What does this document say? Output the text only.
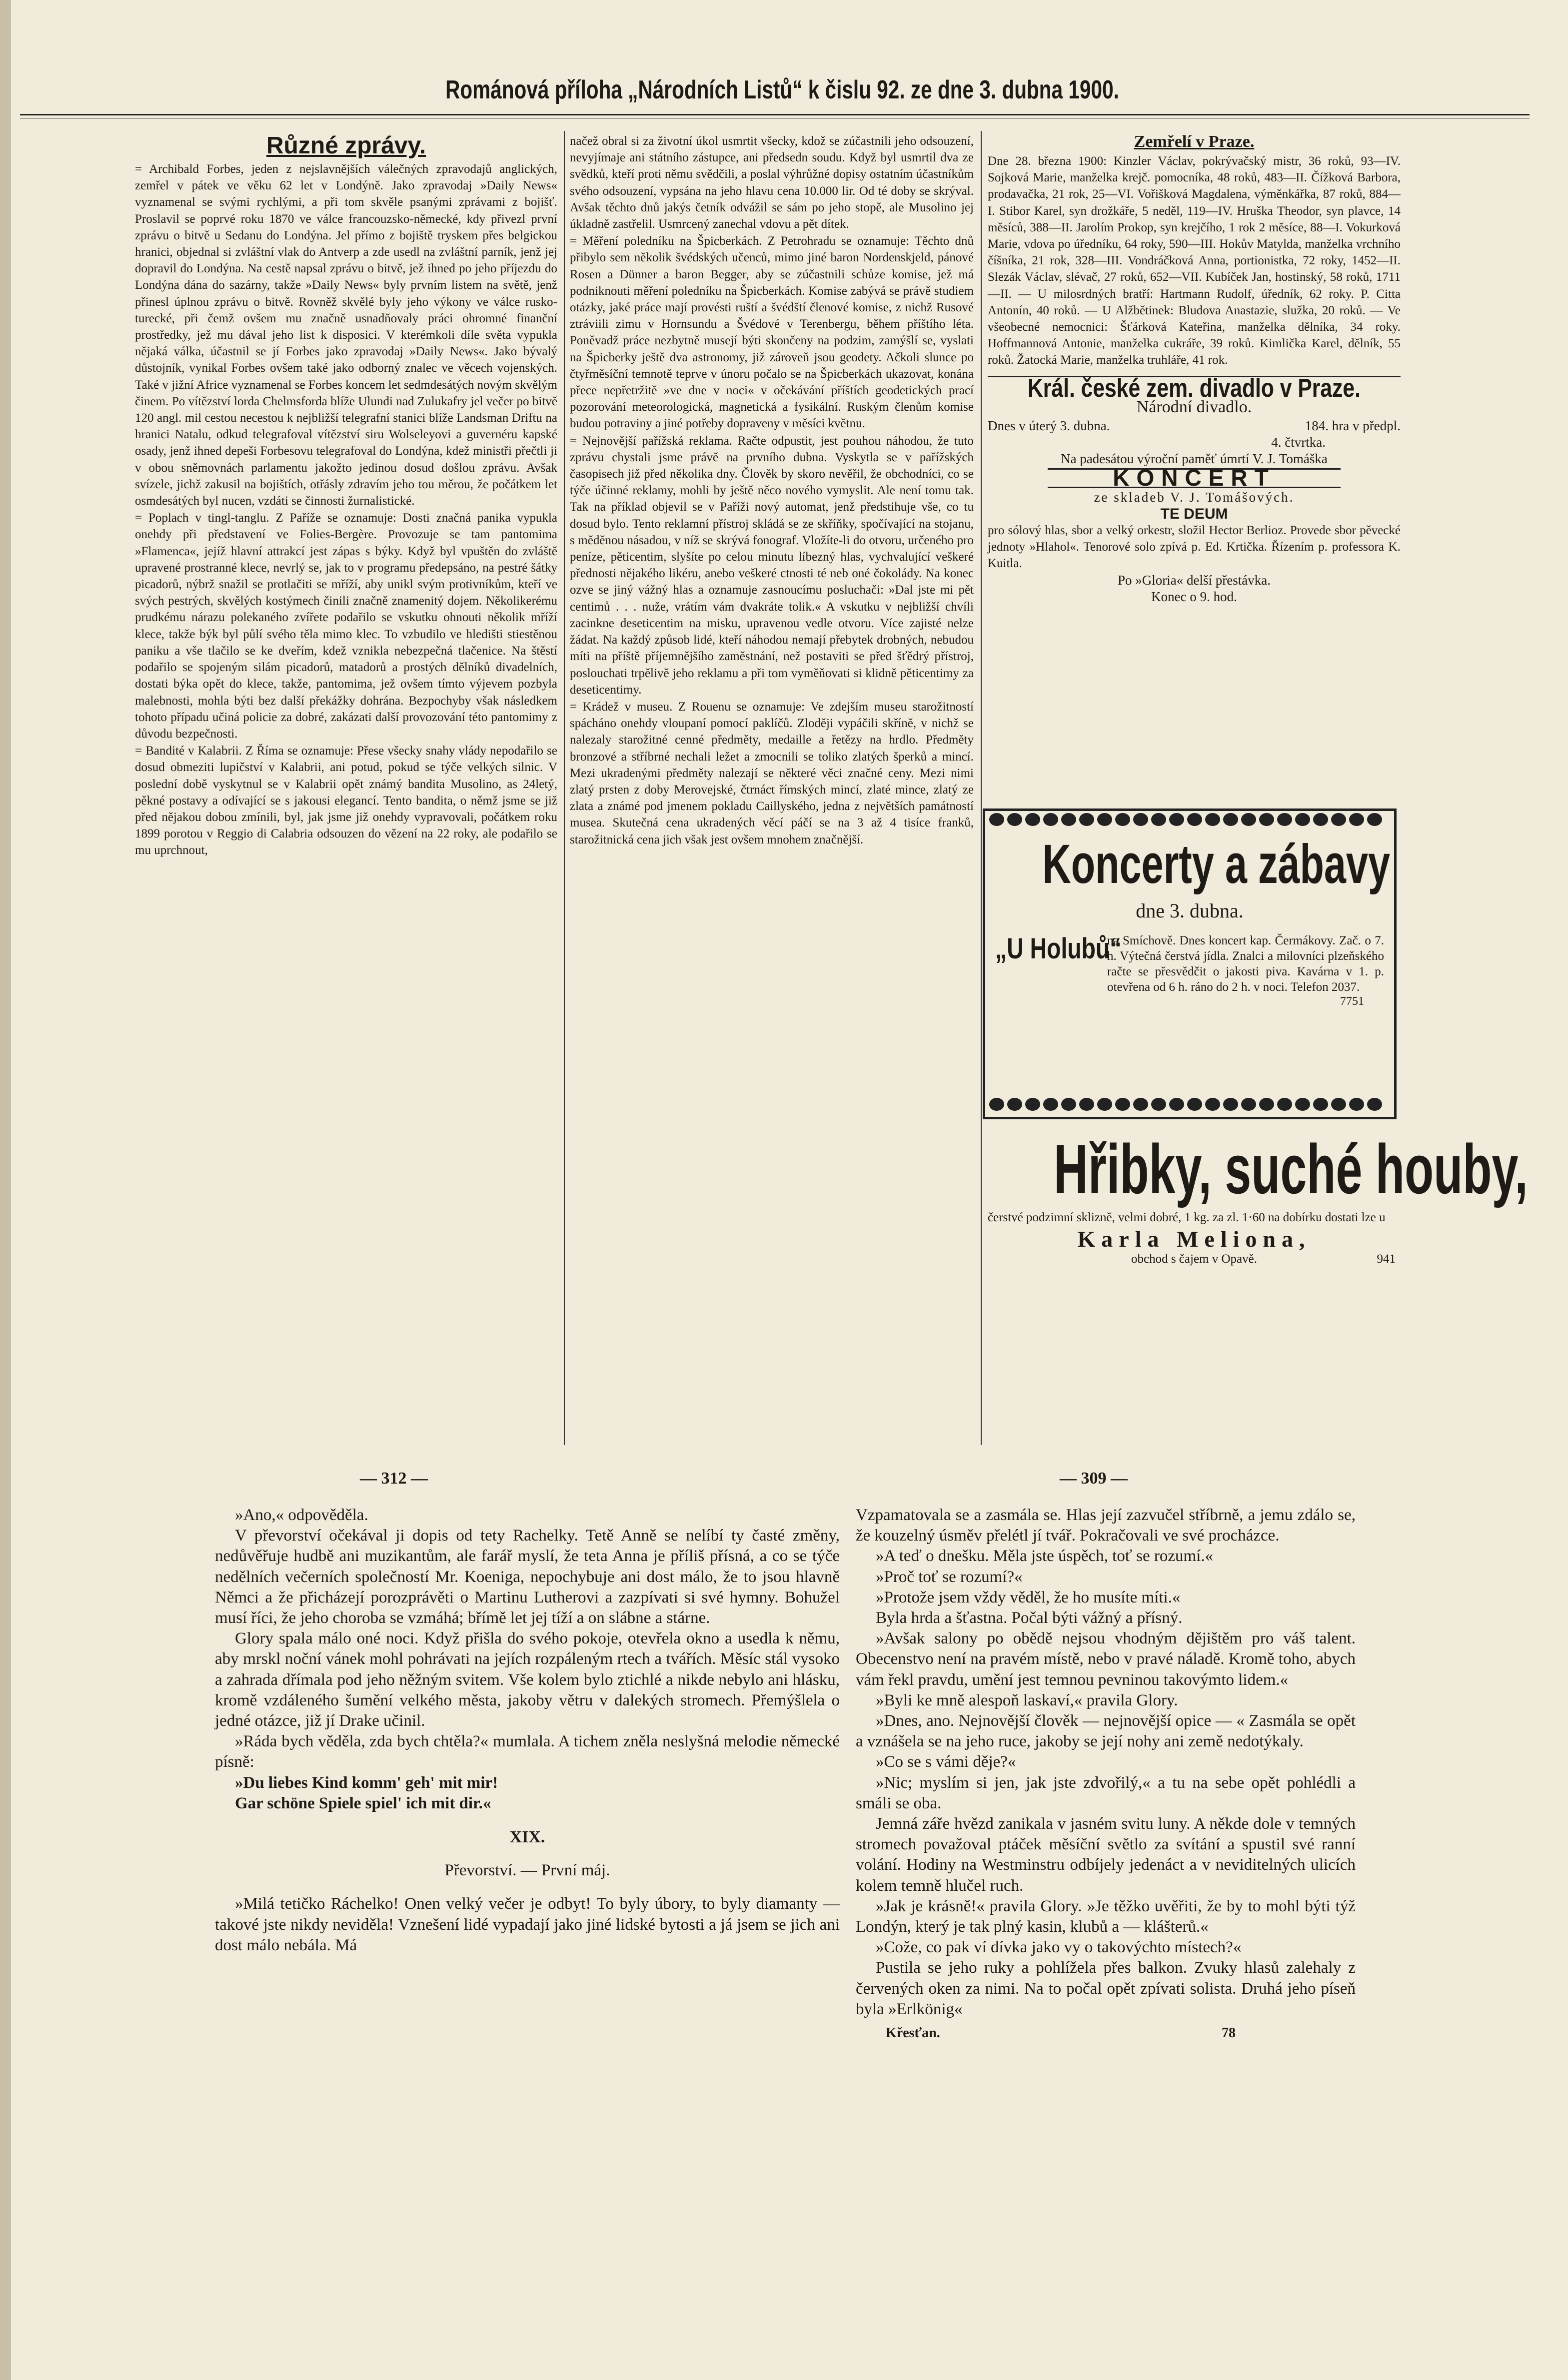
Románová příloha „Národních Listů“ k čislu 92. ze dne 3. dubna 1900.
Různé zprávy.

= Archibald Forbes, jeden z nejslavnějších válečných zpravodajů anglických, zemřel v pátek ve věku 62 let v Londýně. Jako zpravodaj »Daily News« vyznamenal se svými rychlými, a při tom skvěle psanými zprávami z bojišť. Proslavil se poprvé roku 1870 ve válce francouzsko-německé, kdy přivezl první zprávu o bitvě u Sedanu do Londýna. Jel přímo z bojiště tryskem přes belgickou hranici, objednal si zvláštní vlak do Antverp a zde usedl na zvláštní parník, jenž jej dopravil do Londýna. Na cestě napsal zprávu o bitvě, jež ihned po jeho příjezdu do Londýna dána do sazárny, takže »Daily News« byly prvním listem na světě, jenž přinesl úplnou zprávu o bitvě. Rovněž skvělé byly jeho výkony ve válce rusko-turecké, při čemž ovšem mu značně usnadňovaly práci ohromné finanční prostředky, jež mu dával jeho list k disposici. V kterémkoli díle světa vypukla nějaká válka, účastnil se jí Forbes jako zpravodaj »Daily News«. Jako bývalý důstojník, vynikal Forbes ovšem také jako odborný znalec ve věcech vojenských. Také v jižní Africe vyznamenal se Forbes koncem let sedmdesátých novým skvělým činem. Po vítězství lorda Chelmsforda blíže Ulundi nad Zulukafry jel večer po bitvě 120 angl. mil cestou necestou k nejbližší telegrafní stanici blíže Landsman Driftu na hranici Natalu, odkud telegrafoval vítězství siru Wolseleyovi a guvernéru kapské osady, jenž ihned depeši Forbesovu telegrafoval do Londýna, kdež ministři přečtli ji v obou sněmovnách parlamentu jakožto jedinou dosud došlou zprávu. Avšak svízele, jichž zakusil na bojištích, otřásly zdravím jeho tou měrou, že počátkem let osmdesátých byl nucen, vzdáti se činnosti žurnalistické.

= Poplach v tingl-tanglu. Z Paříže se oznamuje: Dosti značná panika vypukla onehdy při představení ve Folies-Bergère. Provozuje se tam pantomima »Flamenca«, jejíž hlavní attrakcí jest zápas s býky. Když byl vpuštěn do zvláště upravené prostranné klece, nevrlý se, jak to v programu předepsáno, na pestré šátky picadorů, nýbrž snažil se protlačiti se mříží, aby unikl svým protivníkům, kteří ve svých pestrých, skvělých kostýmech činili značně znamenitý dojem. Několikerému prudkému nárazu polekaného zvířete podařilo se vskutku ohnouti několik mříží klece, takže býk byl půlí svého těla mimo klec. To vzbudilo ve hledišti stiestěnou paniku a vše tlačilo se ke dveřím, kdež vznikla nebezpečná tlačenice. Na štěstí podařilo se spojeným silám picadorů, matadorů a prostých dělníků divadelních, dostati býka opět do klece, takže, pantomima, jež ovšem tímto výjevem pozbyla malebnosti, mohla býti bez další překážky dohrána. Bezpochyby však následkem tohoto případu učiná policie za dobré, zakázati další provozování této pantomimy z důvodu bezpečnosti.

= Bandité v Kalabrii. Z Říma se oznamuje: Přese všecky snahy vlády nepodařilo se dosud obmeziti lupičství v Kalabrii, ani potud, pokud se týče velkých silnic. V poslední době vyskytnul se v Kalabrii opět známý bandita Musolino, as 24letý, pěkné postavy a odívající se s jakousi elegancí. Tento bandita, o němž jsme se již před nějakou dobou zmínili, byl, jak jsme již onehdy vypravovali, počátkem roku 1899 porotou v Reggio di Calabria odsouzen do vězení na 22 roky, ale podařilo se mu uprchnout,

načež obral si za životní úkol usmrtit všecky, kdož se zúčastnili jeho odsouzení, nevyjímaje ani státního zástupce, ani předsedn soudu. Když byl usmrtil dva ze svědků, kteří proti němu svědčili, a poslal výhrůžné dopisy ostatním účastníkům svého odsouzení, vypsána na jeho hlavu cena 10.000 lir. Od té doby se skrýval. Avšak těchto dnů jakýs četník odvážil se sám po jeho stopě, ale Musolino jej úkladně zastřelil. Usmrcený zanechal vdovu a pět dítek.

= Měření poledníku na Špicberkách. Z Petrohradu se oznamuje: Těchto dnů přibylo sem několik švédských učenců, mimo jiné baron Nordenskjeld, pánové Rosen a Dünner a baron Begger, aby se zúčastnili schůze komise, jež má podniknouti měření poledníku na Špicberkách. Komise zabývá se právě studiem otázky, jaké práce mají provésti ruští a švédští členové komise, z nichž Rusové ztráviili zimu v Hornsundu a Švédové v Terenbergu, během příštího léta. Poněvadž práce nezbytně musejí býti skončeny na podzim, zamýšlí se, vyslati na Špicberky ještě dva astronomy, již zároveň jsou geodety. Ačkoli slunce po čtyřměsíční temnotě teprve v únoru počalo se na Špicberkách ukazovat, konána přece nepřetržitě »ve dne v noci« v očekávání příštích geodetických prací pozorování meteorologická, magnetická a fysikální. Ruským členům komise budou potraviny a jiné potřeby dopraveny v měsíci květnu.

= Nejnovější pařížská reklama. Račte odpustit, jest pouhou náhodou, že tuto zprávu chystali jsme právě na prvního dubna. Vyskytla se v pařížských časopisech již před několika dny. Člověk by skoro nevěřil, že obchodníci, co se týče účinné reklamy, mohli by ještě něco nového vymyslit. Ale není tomu tak. Tak na příklad objevil se v Paříži nový automat, jenž předstihuje vše, co tu dosud bylo. Tento reklamní přístroj skládá se ze skříňky, spočívající na stojanu, s měděnou násadou, v níž se skrývá fonograf. Vložíte-li do otvoru, určeného pro peníze, pěticentim, slyšíte po celou minutu líbezný hlas, vychvalující veškeré přednosti nějakého likéru, anebo veškeré ctnosti té neb oné čokolády. Na konec ozve se jiný vážný hlas a oznamuje zasnoucímu posluchači: »Dal jste mi pět centimů . . . nuže, vrátím vám dvakráte tolik.« A vskutku v nejbližší chvíli zacinkne deseticentim na misku, upravenou vedle otvoru. Více zajisté nelze žádat. Na každý způsob lidé, kteří náhodou nemají přebytek drobných, nebudou míti na příště příjemnějšího zaměstnání, než postaviti se před šťědrý přístroj, poslouchati trpělivě jeho reklamu a při tom vyměňovati si klidně pěticentimy za deseticentimy.

= Krádež v museu. Z Rouenu se oznamuje: Ve zdejším museu starožitností spácháno onehdy vloupaní pomocí paklíčů. Zloději vypáčili skříně, v nichž se nalezaly starožitné cenné předměty, medaille a řetězy na hrdlo. Předměty bronzové a stříbrné nechali ležet a zmocnili se toliko zlatých šperků a mincí. Mezi ukradenými předměty nalezají se některé věci značné ceny. Mezi nimi zlatý prsten z doby Merovejské, čtrnáct římských mincí, zlaté mince, zlatý ze zlata a známé pod jmenem pokladu Caillyského, jedna z největších památností musea. Skutečná cena ukradených věcí páčí se na 3 až 4 tisíce franků, starožitnická cena jich však jest ovšem mnohem značnější.

Zemřelí v Praze.

Dne 28. března 1900: Kinzler Václav, pokrývačský mistr, 36 roků, 93—IV. Sojková Marie, manželka krejč. pomocníka, 48 roků, 483—II. Čížková Barbora, prodavačka, 21 rok, 25—VI. Vořišková Magdalena, výměnkářka, 87 roků, 884—I. Stibor Karel, syn drožkáře, 5 neděl, 119—IV. Hruška Theodor, syn plavce, 14 měsíců, 388—II. Jarolím Prokop, syn krejčího, 1 rok 2 měsíce, 88—I. Vokurková Marie, vdova po úředníku, 64 roky, 590—III. Hokův Matylda, manželka vrchního číšníka, 21 rok, 328—III. Vondráčková Anna, portionistka, 72 roky, 1452—II. Slezák Václav, slévač, 27 roků, 652—VII. Kubíček Jan, hostinský, 58 roků, 1711—II. — U milosrdných bratří: Hartmann Rudolf, úředník, 62 roky. P. Citta Antonín, 40 roků. — U Alžbětinek: Bludova Anastazie, služka, 20 roků. — Ve všeobecné nemocnici: Šťárková Kateřina, manželka dělníka, 34 roky. Hoffmannová Antonie, manželka cukráře, 39 roků. Kimlička Karel, dělník, 55 roků. Žatocká Marie, manželka truhláře, 41 rok.

Král. české zem. divadlo v Praze.
Národní divadlo.
Dnes v úterý 3. dubna.	184. hra v předpl.
4. čtvrtka.
Na padesátou výroční paměť úmrtí V. J. Tomáška
KONCERT
ze skladeb V. J. Tomášových.
TE DEUM

pro sólový hlas, sbor a velký orkestr, složil Hector Berlioz. Provede sbor pěvecké jednoty »Hlahol«. Tenorové solo zpívá p. Ed. Krtička. Řízením p. professora K. Kuitla.

Po »Gloria« delší přestávka.
Konec o 9. hod.
Koncerty a zábavy
dne 3. dubna.
„U Holubů“
na Smíchově. Dnes koncert kap. Čermákovy. Zač. o 7. h. Výtečná čerstvá jídla. Znalci a milovníci plzeňského račte se přesvědčit o jakosti piva. Kavárna v 1. p. otevřena od 6 h. ráno do 2 h. v noci. Telefon 2037.
7751
Hřibky, suché houby,
čerstvé podzimní sklizně, velmi dobré, 1 kg. za zl. 1·60 na dobírku dostati lze u
Karla Meliona,
obchod s čajem v Opavě.	941
— 312 —	— 309 —

»Ano,« odpověděla.

V převorství očekával ji dopis od tety Rachelky. Tetě Anně se nelíbí ty časté změny, nedůvěřuje hudbě ani muzikantům, ale farář myslí, že teta Anna je příliš přísná, a co se týče nedělních večerních společností Mr. Koeniga, nepochybuje ani dost málo, že to jsou hlavně Němci a že přicházejí porozprávěti o Martinu Lutherovi a zazpívati si své hymny. Bohužel musí říci, že jeho choroba se vzmáhá; břímě let jej tíží a on slábne a stárne.

Glory spala málo oné noci. Když přišla do svého pokoje, otevřela okno a usedla k němu, aby mrskl noční vánek mohl pohrávati na jejích rozpáleným rtech a tvářích. Měsíc stál vysoko a zahrada dřímala pod jeho něžným svitem. Vše kolem bylo ztichlé a nikde nebylo ani hlásku, kromě vzdáleného šumění velkého města, jakoby větru v dalekých stromech. Přemýšlela o jedné otázce, již jí Drake učinil.

»Ráda bych věděla, zda bych chtěla?« mumlala. A tichem zněla neslyšná melodie německé písně:

»Du liebes Kind komm' geh' mit mir!

Gar schöne Spiele spiel' ich mit dir.«

XIX.
Převorství. — První máj.

»Milá tetičko Ráchelko! Onen velký večer je odbyt! To byly úbory, to byly diamanty — takové jste nikdy neviděla! Vznešení lidé vypadají jako jiné lidské bytosti a já jsem se jich ani dost málo nebála. Má

Vzpamatovala se a zasmála se. Hlas její zazvučel stříbrně, a jemu zdálo se, že kouzelný úsměv přelétl jí tvář. Pokračovali ve své procházce.

»A teď o dnešku. Měla jste úspěch, toť se rozumí.«

»Proč toť se rozumí?«

»Protože jsem vždy věděl, že ho musíte míti.«

Byla hrda a šťastna. Počal býti vážný a přísný.

»Avšak salony po obědě nejsou vhodným dějištěm pro váš talent. Obecenstvo není na pravém místě, nebo v pravé náladě. Kromě toho, abych vám řekl pravdu, umění jest temnou pevninou takovýmto lidem.«

»Byli ke mně alespoň laskaví,« pravila Glory.

»Dnes, ano. Nejnovější člověk — nejnovější opice — « Zasmála se opět a vznášela se na jeho ruce, jakoby se její nohy ani země nedotýkaly.

»Co se s vámi děje?«

»Nic; myslím si jen, jak jste zdvořilý,« a tu na sebe opět pohlédli a smáli se oba.

Jemná záře hvězd zanikala v jasném svitu luny. A někde dole v temných stromech považoval ptáček měsíční světlo za svítání a spustil své ranní volání. Hodiny na Westminstru odbíjely jedenáct a v neviditelných ulicích kolem temně hlučel ruch.

»Jak je krásně!« pravila Glory. »Je těžko uvěřiti, že by to mohl býti týž Londýn, který je tak plný kasin, klubů a — klášterů.«

»Cože, co pak ví dívka jako vy o takovýchto místech?«

Pustila se jeho ruky a pohlížela přes balkon. Zvuky hlasů zalehaly z červených oken za nimi. Na to počal opět zpívati solista. Druhá jeho píseň byla »Erlkönig«

Křesťan.	78
